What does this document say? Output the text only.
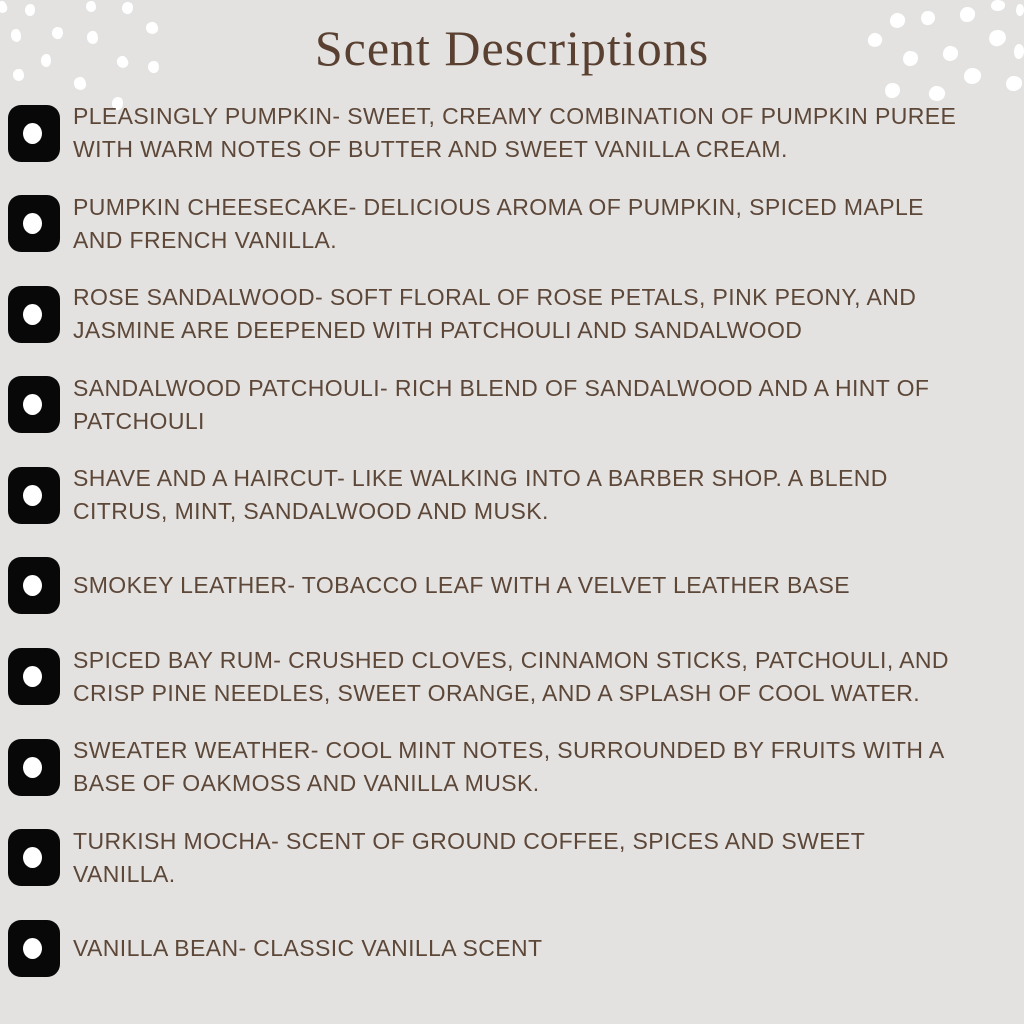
Scent Descriptions
PLEASINGLY PUMPKIN- SWEET, CREAMY COMBINATION OF PUMPKIN PUREE
WITH WARM NOTES OF BUTTER AND SWEET VANILLA CREAM.
PUMPKIN CHEESECAKE- DELICIOUS AROMA OF PUMPKIN, SPICED MAPLE
AND FRENCH VANILLA.
ROSE SANDALWOOD- SOFT FLORAL OF ROSE PETALS, PINK PEONY, AND
JASMINE ARE DEEPENED WITH PATCHOULI AND SANDALWOOD
SANDALWOOD PATCHOULI- RICH BLEND OF SANDALWOOD AND A HINT OF
PATCHOULI
SHAVE AND A HAIRCUT- LIKE WALKING INTO A BARBER SHOP. A BLEND
CITRUS, MINT, SANDALWOOD AND MUSK.
SMOKEY LEATHER- TOBACCO LEAF WITH A VELVET LEATHER BASE
SPICED BAY RUM- CRUSHED CLOVES, CINNAMON STICKS, PATCHOULI, AND
CRISP PINE NEEDLES, SWEET ORANGE, AND A SPLASH OF COOL WATER.
SWEATER WEATHER- COOL MINT NOTES, SURROUNDED BY FRUITS WITH A
BASE OF OAKMOSS AND VANILLA MUSK.
TURKISH MOCHA- SCENT OF GROUND COFFEE, SPICES AND SWEET
VANILLA.
VANILLA BEAN- CLASSIC VANILLA SCENT
